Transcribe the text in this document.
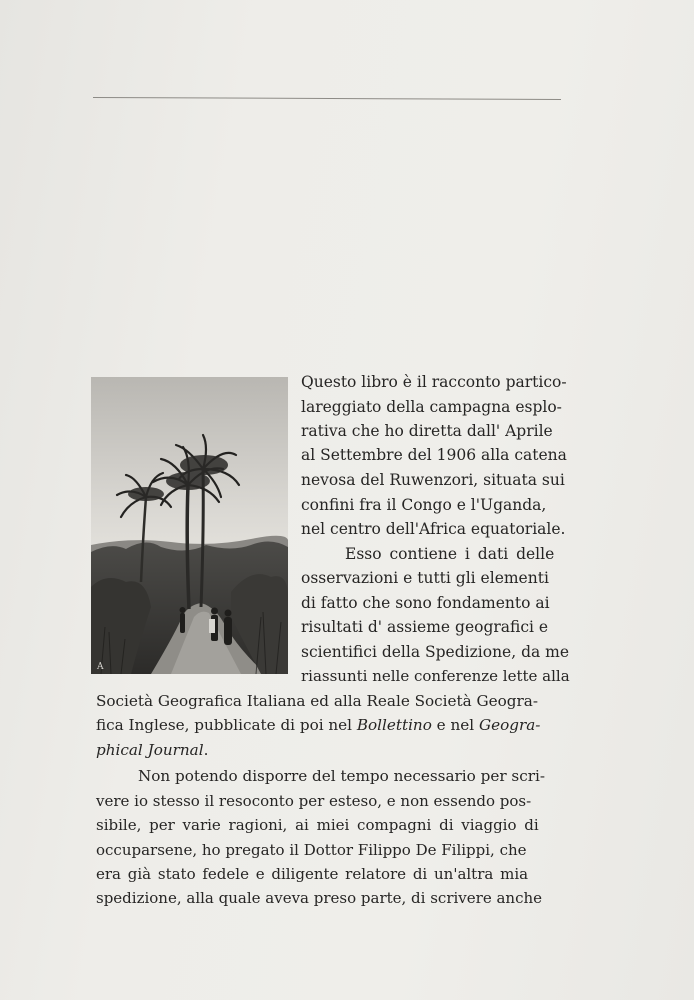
A
Questo libro è il racconto partico-
lareggiato della campagna esplo-
rativa che ho diretta dall' Aprile
al Settembre del 1906 alla catena
nevosa del Ruwenzori, situata sui
confini fra il Congo e l'Uganda,
nel centro dell'Africa equatoriale.
Esso contiene i dati delle
osservazioni e tutti gli elementi
di fatto che sono fondamento ai
risultati d' assieme geografici e
scientifici della Spedizione, da me
riassunti nelle conferenze lette alla
Società Geografica Italiana ed alla Reale Società Geogra-
fica Inglese, pubblicate di poi nel Bollettino e nel Geogra-
phical Journal.
Non potendo disporre del tempo necessario per scri-
vere io stesso il resoconto per esteso, e non essendo pos-
sibile, per varie ragioni, ai miei compagni di viaggio di
occuparsene, ho pregato il Dottor Filippo De Filippi, che
era già stato fedele e diligente relatore di un'altra mia
spedizione, alla quale aveva preso parte, di scrivere anche
